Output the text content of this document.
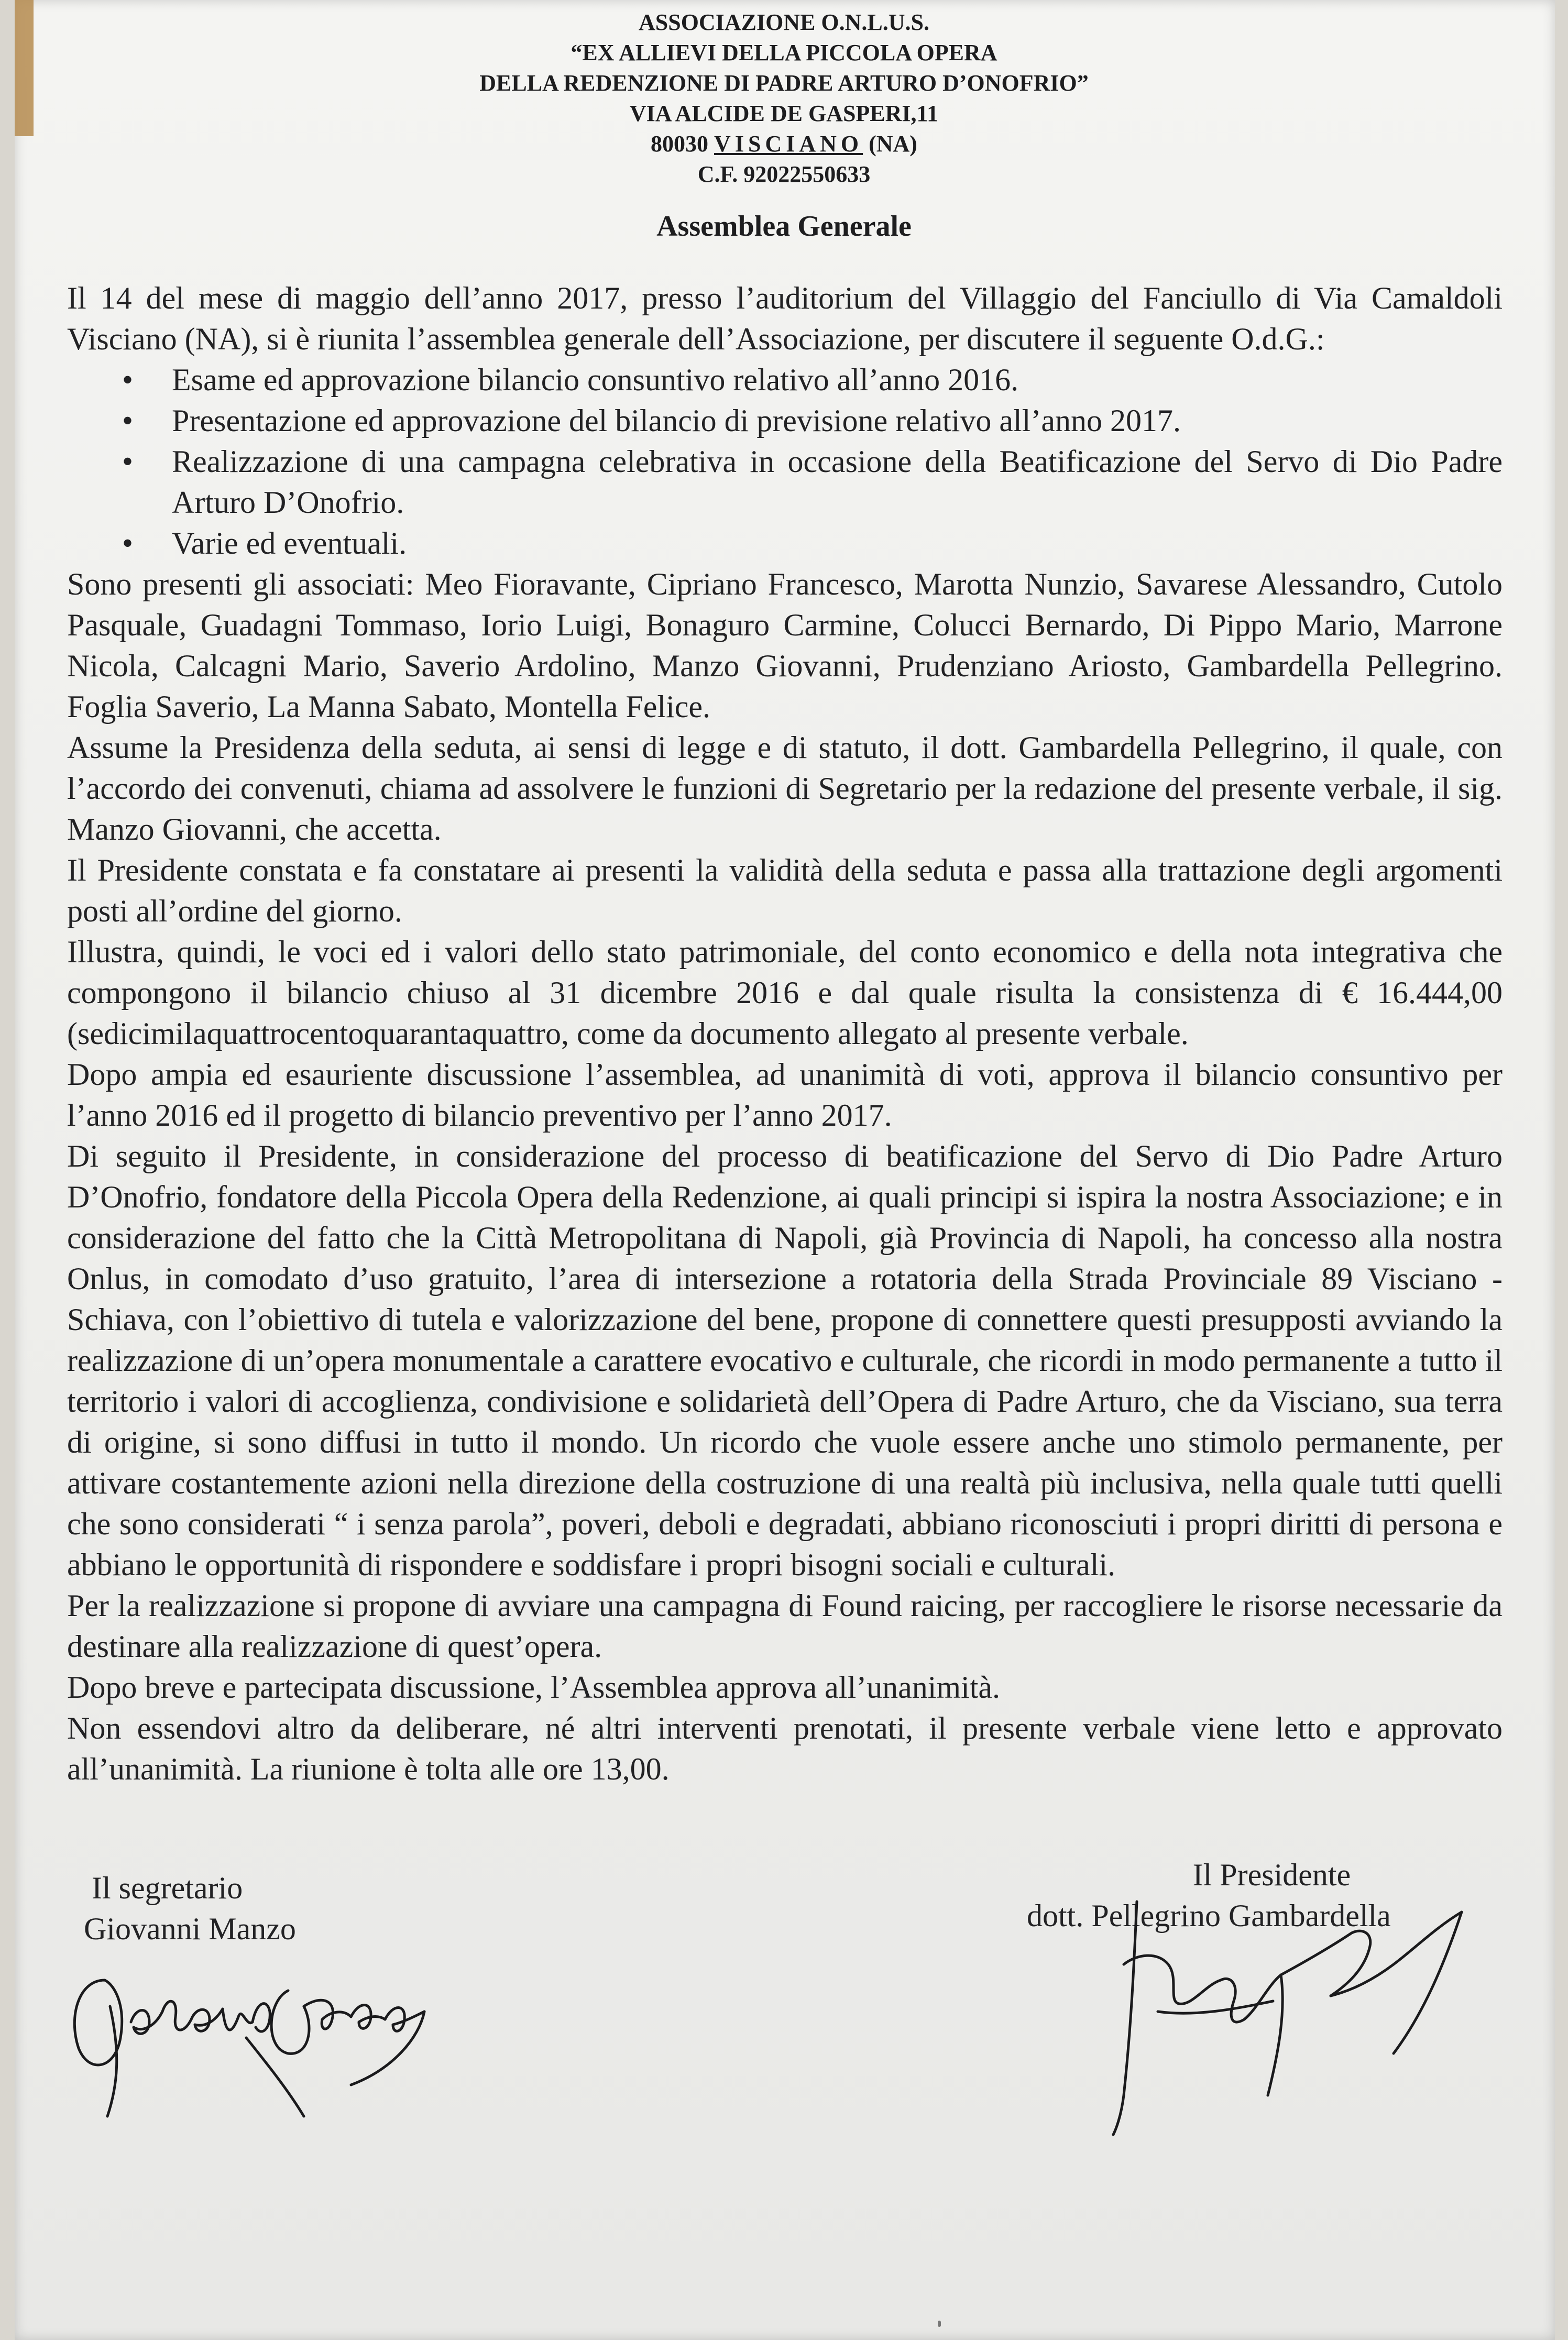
ASSOCIAZIONE O.N.L.U.S.
“EX ALLIEVI DELLA PICCOLA OPERA
DELLA REDENZIONE DI PADRE ARTURO D’ONOFRIO”
VIA ALCIDE DE GASPERI,11
80030 VISCIANO (NA)
C.F. 92022550633
Assemblea Generale

Il 14 del mese di maggio dell’anno 2017, presso l’auditorium del Villaggio del Fanciullo di Via Camaldoli Visciano (NA), si è riunita l’assemblea generale dell’Associazione, per discutere il seguente O.d.G.:

• Esame ed approvazione bilancio consuntivo relativo all’anno 2016.
• Presentazione ed approvazione del bilancio di previsione relativo all’anno 2017.
• Realizzazione di una campagna celebrativa in occasione della Beatificazione del Servo di Dio Padre Arturo D’Onofrio.
• Varie ed eventuali.

Sono presenti gli associati: Meo Fioravante, Cipriano Francesco, Marotta Nunzio, Savarese Alessandro, Cutolo Pasquale, Guadagni Tommaso, Iorio Luigi, Bonaguro Carmine, Colucci Bernardo, Di Pippo Mario, Marrone Nicola, Calcagni Mario, Saverio Ardolino, Manzo Giovanni, Prudenziano Ariosto, Gambardella Pellegrino. Foglia Saverio, La Manna Sabato, Montella Felice.

Assume la Presidenza della seduta, ai sensi di legge e di statuto, il dott. Gambardella Pellegrino, il quale, con l’accordo dei convenuti, chiama ad assolvere le funzioni di Segretario per la redazione del presente verbale, il sig. Manzo Giovanni, che accetta.

Il Presidente constata e fa constatare ai presenti la validità della seduta e passa alla trattazione degli argomenti posti all’ordine del giorno.

Illustra, quindi, le voci ed i valori dello stato patrimoniale, del conto economico e della nota integrativa che compongono il bilancio chiuso al 31 dicembre 2016 e dal quale risulta la consistenza di € 16.444,00 (sedicimilaquattrocentoquarantaquattro, come da documento allegato al presente verbale.

Dopo ampia ed esauriente discussione l’assemblea, ad unanimità di voti, approva il bilancio consuntivo per l’anno 2016 ed il progetto di bilancio preventivo per l’anno 2017.

Di seguito il Presidente, in considerazione del processo di beatificazione del Servo di Dio Padre Arturo D’Onofrio, fondatore della Piccola Opera della Redenzione, ai quali principi si ispira la nostra Associazione; e in considerazione del fatto che la Città Metropolitana di Napoli, già Provincia di Napoli, ha concesso alla nostra Onlus, in comodato d’uso gratuito, l’area di intersezione a rotatoria della Strada Provinciale 89 Visciano - Schiava, con l’obiettivo di tutela e valorizzazione del bene, propone di connettere questi presupposti avviando la realizzazione di un’opera monumentale a carattere evocativo e culturale, che ricordi in modo permanente a tutto il territorio i valori di accoglienza, condivisione e solidarietà dell’Opera di Padre Arturo, che da Visciano, sua terra di origine, si sono diffusi in tutto il mondo. Un ricordo che vuole essere anche uno stimolo permanente, per attivare costantemente azioni nella direzione della costruzione di una realtà più inclusiva, nella quale tutti quelli che sono considerati “ i senza parola”, poveri, deboli e degradati, abbiano riconosciuti i propri diritti di persona e abbiano le opportunità di rispondere e soddisfare i propri bisogni sociali e culturali.

Per la realizzazione si propone di avviare una campagna di Found raicing, per raccogliere le risorse necessarie da destinare alla realizzazione di quest’opera.

Dopo breve e partecipata discussione, l’Assemblea approva all’unanimità.

Non essendovi altro da deliberare, né altri interventi prenotati, il presente verbale viene letto e approvato all’unanimità. La riunione è tolta alle ore 13,00.

Il segretario
Giovanni Manzo
Il Presidente
dott. Pellegrino Gambardella
